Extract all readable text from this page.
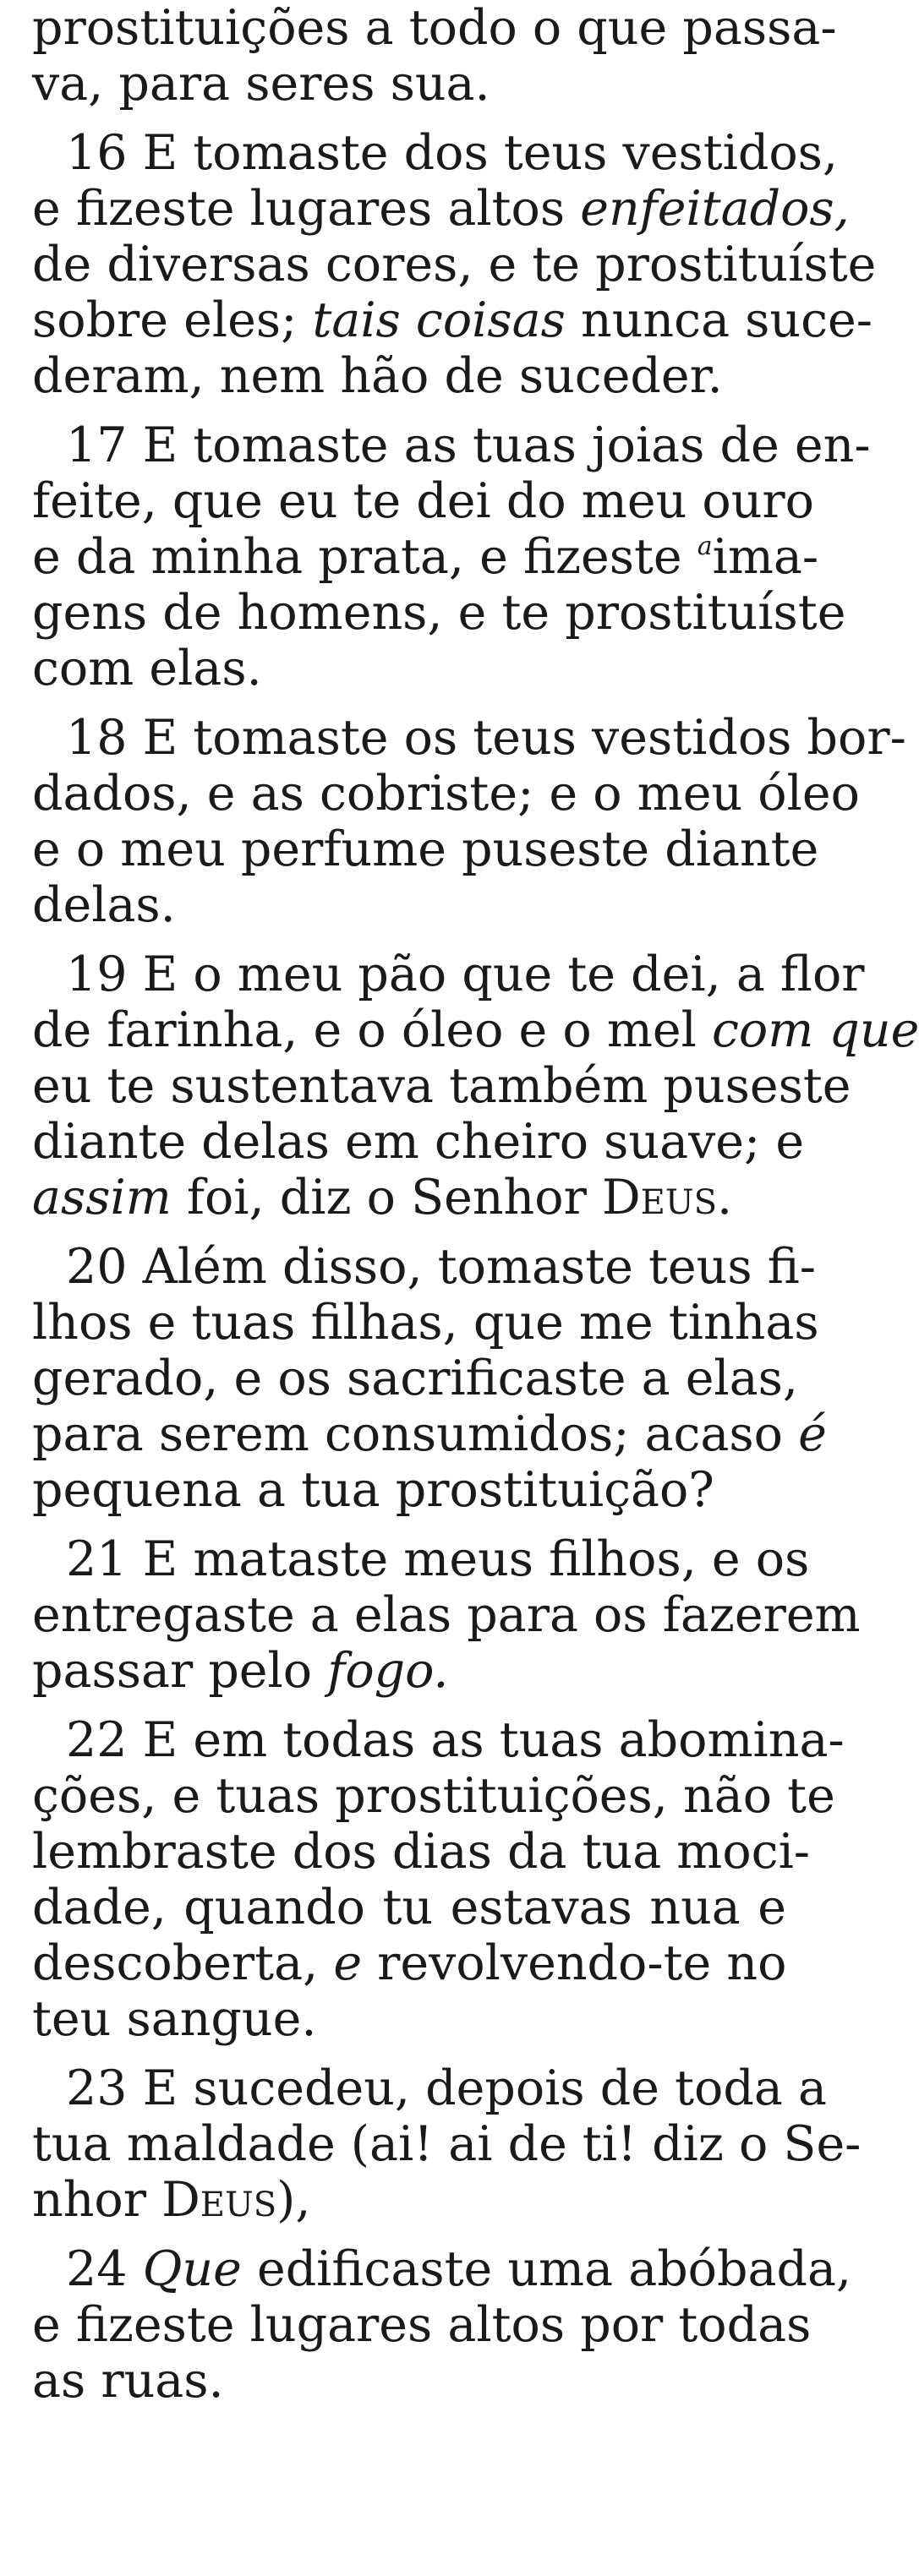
prostituições a todo o que passa-
va, para seres sua.
16 E tomaste dos teus vestidos,
e fizeste lugares altos enfeitados,
de diversas cores, e te prostituíste
sobre eles; tais coisas nunca suce-
deram, nem hão de suceder.
17 E tomaste as tuas joias de en-
feite, que eu te dei do meu ouro
e da minha prata, e fizeste $^a$ima-
gens de homens, e te prostituíste
com elas.
18 E tomaste os teus vestidos bor-
dados, e as cobriste; e o meu óleo
e o meu perfume puseste diante
delas.
19 E o meu pão que te dei, a flor
de farinha, e o óleo e o mel com que
eu te sustentava também puseste
diante delas em cheiro suave; e
assim foi, diz o Senhor Deus.
20 Além disso, tomaste teus fi-
lhos e tuas filhas, que me tinhas
gerado, e os sacrificaste a elas,
para serem consumidos; acaso é
pequena a tua prostituição?
21 E mataste meus filhos, e os
entregaste a elas para os fazerem
passar pelo fogo.
22 E em todas as tuas abomina-
ções, e tuas prostituições, não te
lembraste dos dias da tua moci-
dade, quando tu estavas nua e
descoberta, e revolvendo-te no
teu sangue.
23 E sucedeu, depois de toda a
tua maldade (ai! ai de ti! diz o Se-
nhor Deus),
24 Que edificaste uma abóbada,
e fizeste lugares altos por todas
as ruas.
